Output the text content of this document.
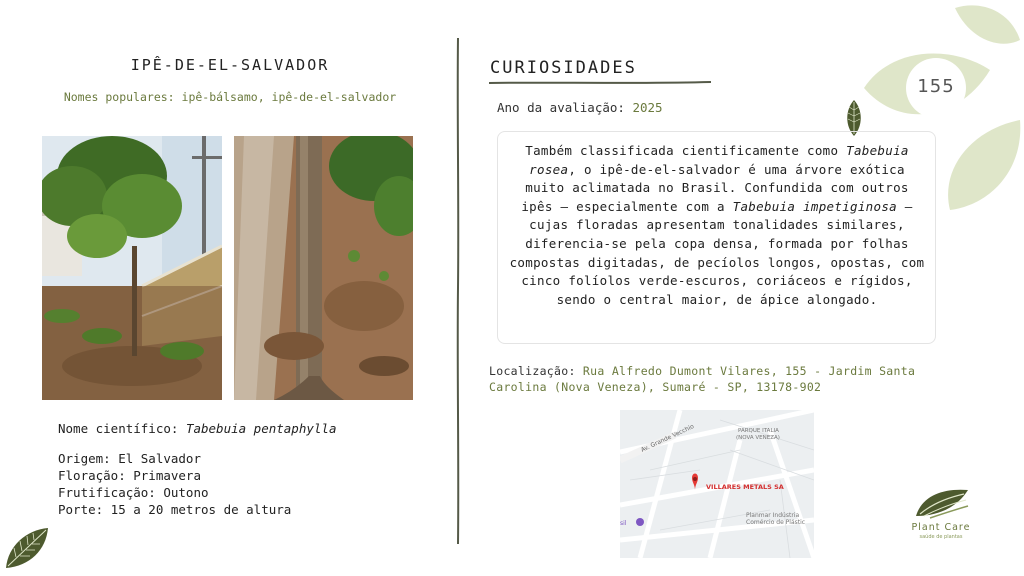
IPÊ-DE-EL-SALVADOR
Nomes populares: ipê-bálsamo, ipê-de-el-salvador
Nome científico: Tabebuia pentaphylla
Origem: El Salvador
Floração: Primavera
Frutificação: Outono
Porte: 15 a 20 metros de altura
CURIOSIDADES
Ano da avaliação: 2025
Também classificada cientificamente como Tabebuia rosea, o ipê-de-el-salvador é uma árvore exótica muito aclimatada no Brasil. Confundida com outros ipês – especialmente com a Tabebuia impetiginosa – cujas floradas apresentam tonalidades similares, diferencia-se pela copa densa, formada por folhas compostas digitadas, de pecíolos longos, opostas, com cinco folíolos verde-escuros, coriáceos e rígidos, sendo o central maior, de ápice alongado.
Localização: Rua Alfredo Dumont Vilares, 155 - Jardim Santa Carolina (Nova Veneza), Sumaré - SP, 13178-902
Av. Grande Vecchio	PARQUE ITALIA
(NOVA VENEZA)
VILLARES METALS SA
Planmar Indústria
Comércio de Plástic
sil
155
Plant Care
saúde de plantas
